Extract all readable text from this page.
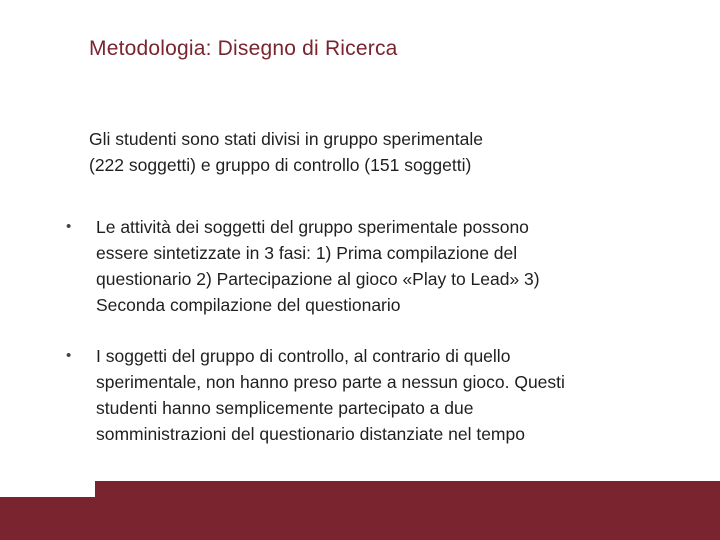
Metodologia: Disegno di Ricerca
Gli studenti sono stati divisi in gruppo sperimentale
(222 soggetti) e gruppo di controllo (151 soggetti)
• Le attività dei soggetti del gruppo sperimentale possono
essere sintetizzate in 3 fasi: 1) Prima compilazione del
questionario 2) Partecipazione al gioco «Play to Lead» 3)
Seconda compilazione del questionario
• I soggetti del gruppo di controllo, al contrario di quello
sperimentale, non hanno preso parte a nessun gioco. Questi
studenti hanno semplicemente partecipato a due
somministrazioni del questionario distanziate nel tempo
